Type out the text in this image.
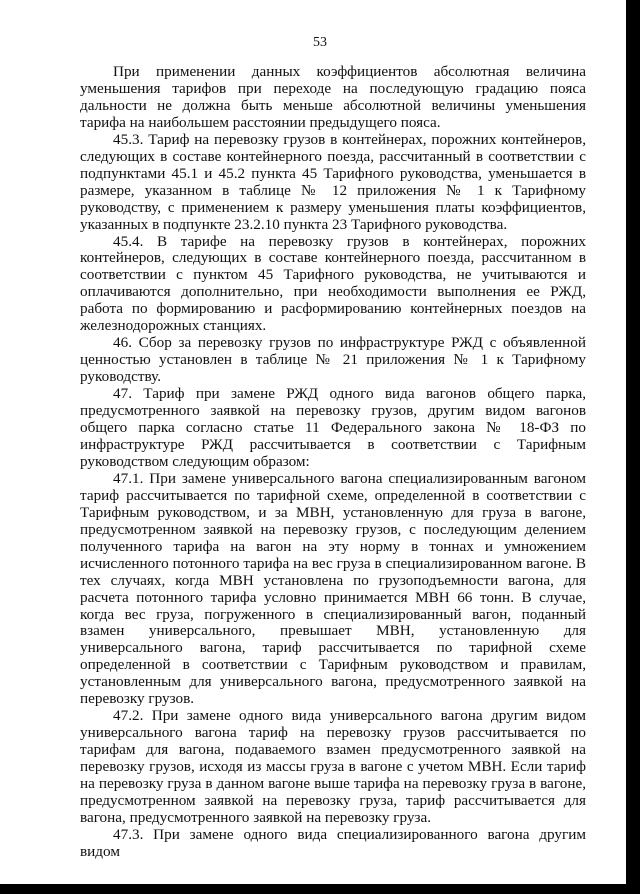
53

При применении данных коэффициентов абсолютная величина уменьшения тарифов при переходе на последующую градацию пояса дальности не должна быть меньше абсолютной величины уменьшения тарифа на наибольшем расстоянии предыдущего пояса.

45.3. Тариф на перевозку грузов в контейнерах, порожних контейнеров, следующих в составе контейнерного поезда, рассчитанный в соответствии с подпунктами 45.1 и 45.2 пункта 45 Тарифного руководства, уменьшается в размере, указанном в таблице № 12 приложения № 1 к Тарифному руководству, с применением к размеру уменьшения платы коэффициентов, указанных в подпункте 23.2.10 пункта 23 Тарифного руководства.

45.4. В тарифе на перевозку грузов в контейнерах, порожних контейнеров, следующих в составе контейнерного поезда, рассчитанном в соответствии с пунктом 45 Тарифного руководства, не учитываются и оплачиваются дополнительно, при необходимости выполнения ее РЖД, работа по формированию и расформированию контейнерных поездов на железнодорожных станциях.

46. Сбор за перевозку грузов по инфраструктуре РЖД с объявленной ценностью установлен в таблице № 21 приложения № 1 к Тарифному руководству.

47. Тариф при замене РЖД одного вида вагонов общего парка, предусмотренного заявкой на перевозку грузов, другим видом вагонов общего парка согласно статье 11 Федерального закона № 18-ФЗ по инфраструктуре РЖД рассчитывается в соответствии с Тарифным руководством следующим образом:

47.1. При замене универсального вагона специализированным вагоном тариф рассчитывается по тарифной схеме, определенной в соответствии с Тарифным руководством, и за МВН, установленную для груза в вагоне, предусмотренном заявкой на перевозку грузов, с последующим делением полученного тарифа на вагон на эту норму в тоннах и умножением исчисленного потонного тарифа на вес груза в специализированном вагоне. В тех случаях, когда МВН установлена по грузоподъемности вагона, для расчета потонного тарифа условно принимается МВН 66 тонн. В случае, когда вес груза, погруженного в специализированный вагон, поданный взамен универсального, превышает МВН, установленную для универсального вагона, тариф рассчитывается по тарифной схеме определенной в соответствии с Тарифным руководством и правилам, установленным для универсального вагона, предусмотренного заявкой на перевозку грузов.

47.2. При замене одного вида универсального вагона другим видом универсального вагона тариф на перевозку грузов рассчитывается по тарифам для вагона, подаваемого взамен предусмотренного заявкой на перевозку грузов, исходя из массы груза в вагоне с учетом МВН. Если тариф на перевозку груза в данном вагоне выше тарифа на перевозку груза в вагоне, предусмотренном заявкой на перевозку груза, тариф рассчитывается для вагона, предусмотренного заявкой на перевозку груза.

47.3. При замене одного вида специализированного вагона другим видом
